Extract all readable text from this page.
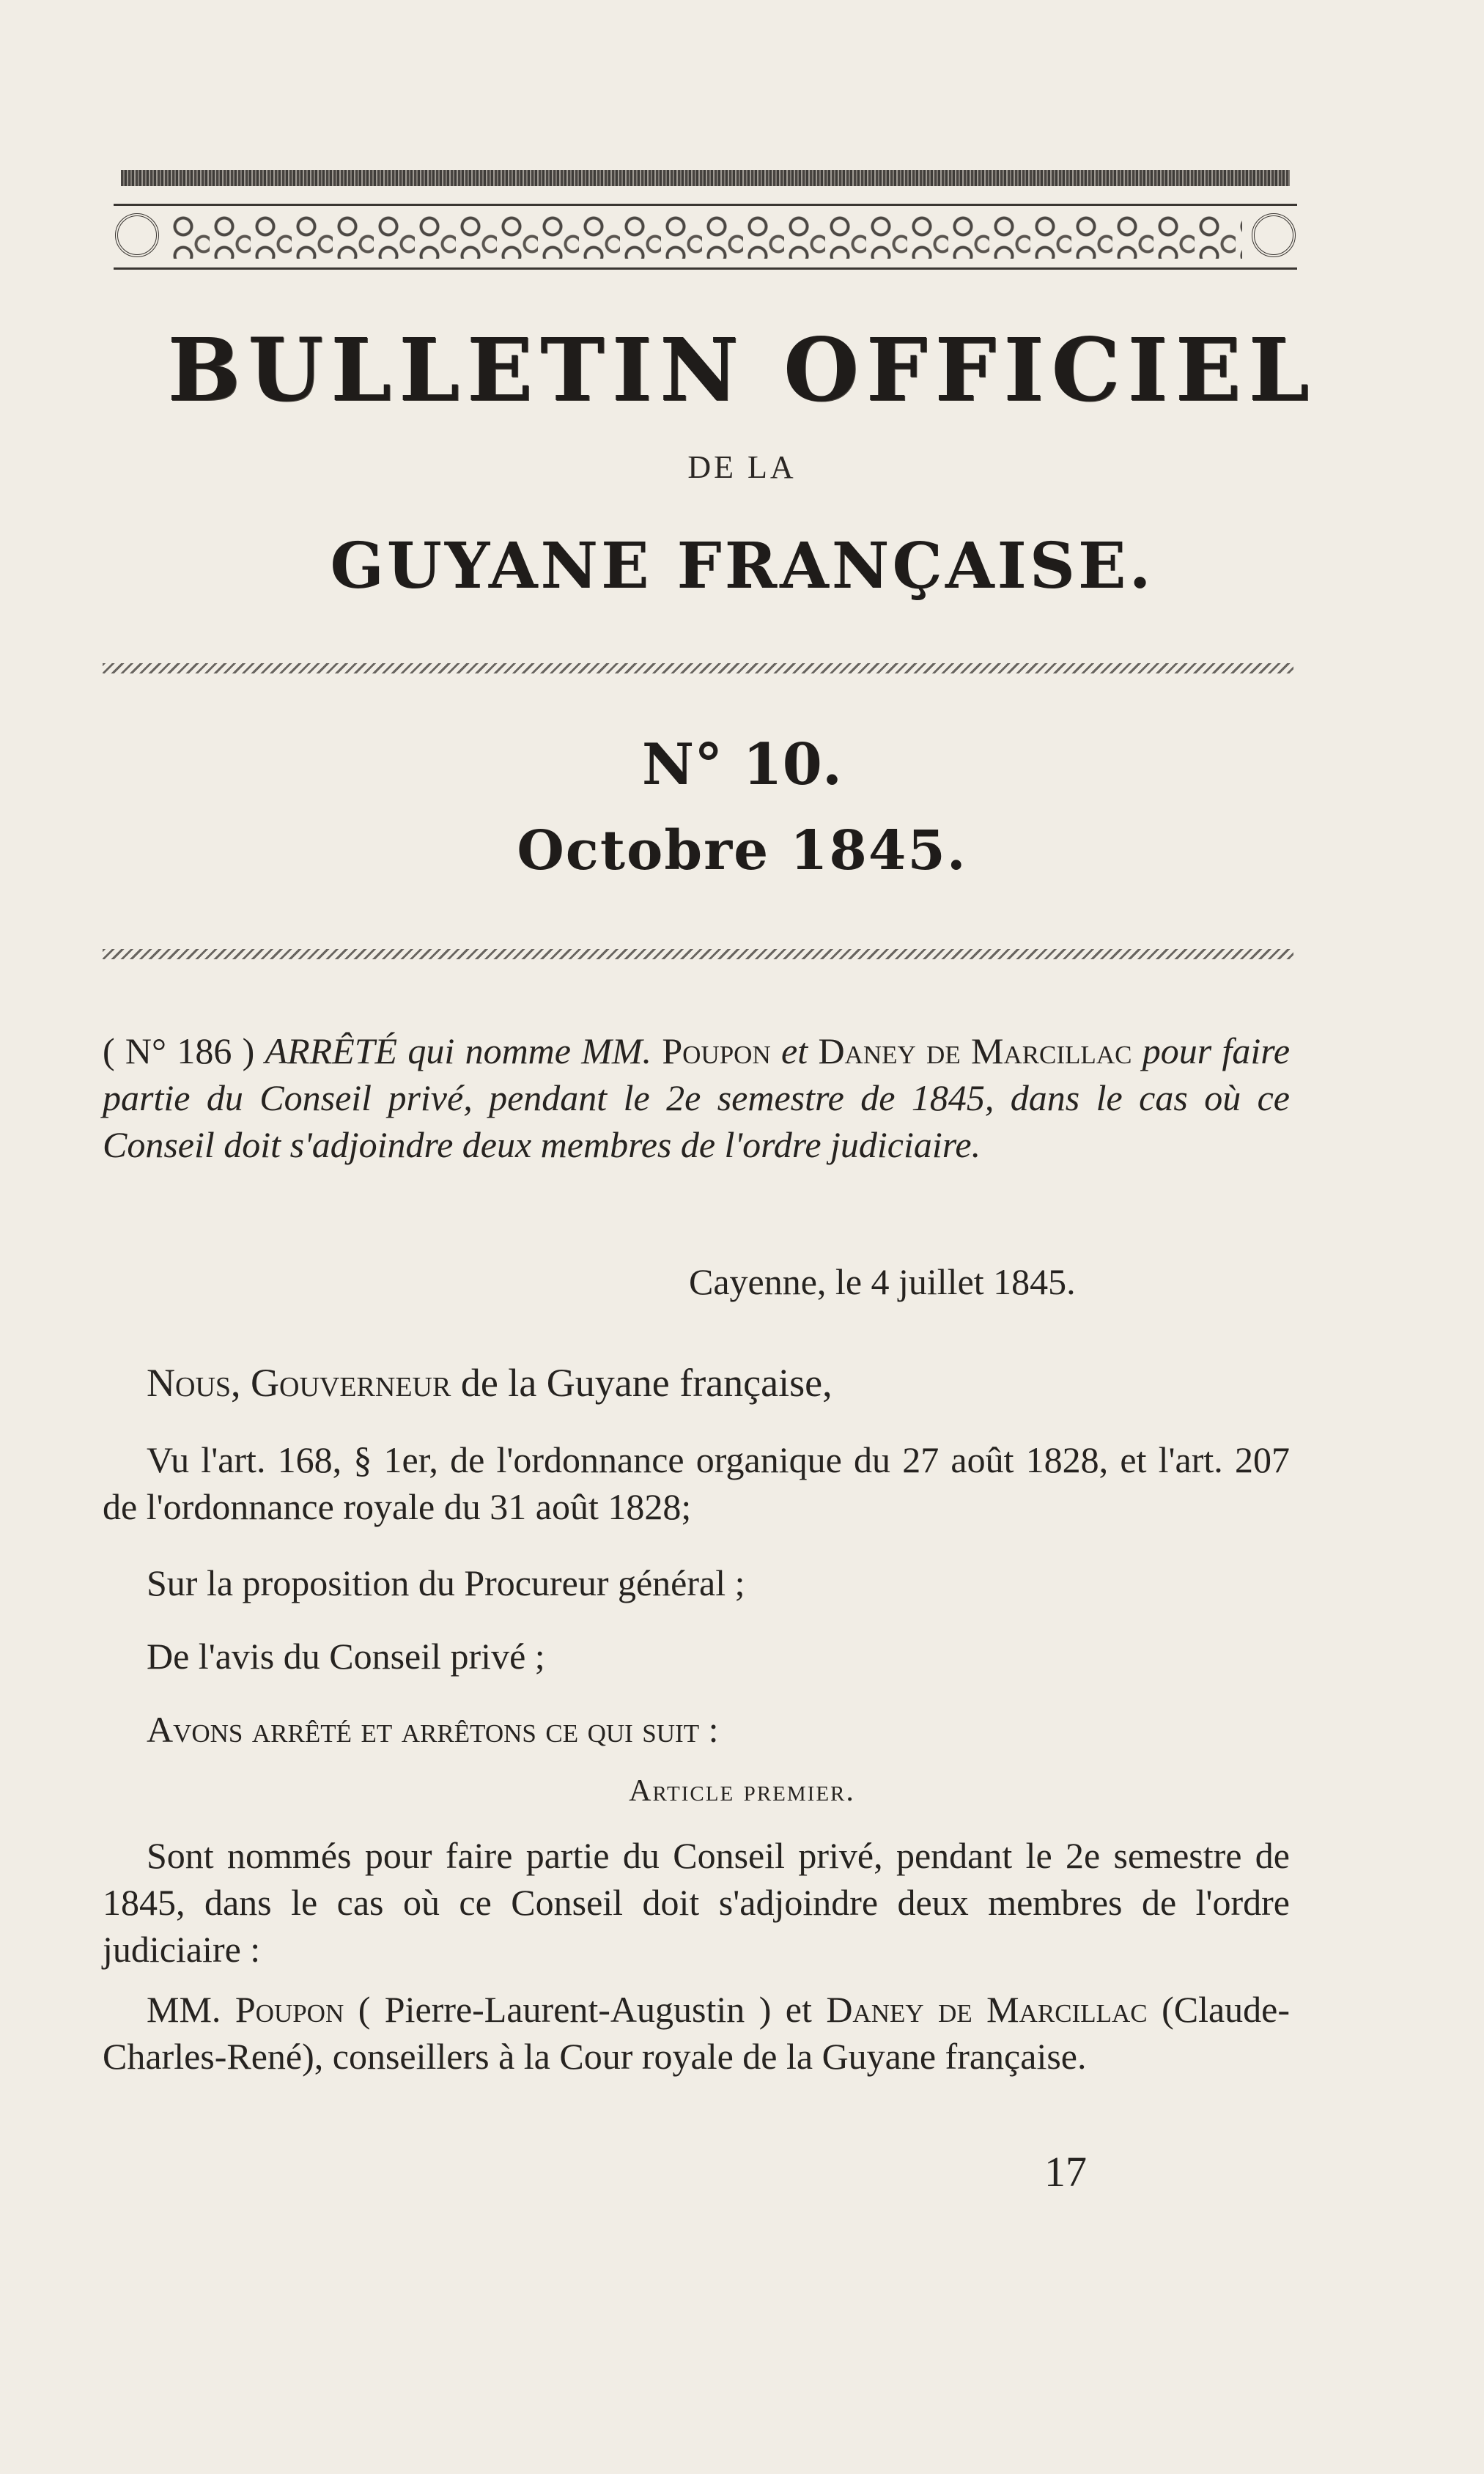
BULLETIN OFFICIEL
DE LA
GUYANE FRANÇAISE.
N° 10.
Octobre 1845.

( N° 186 ) ARRÊTÉ qui nomme MM. Poupon et Daney de Marcillac pour faire partie du Conseil privé, pendant le 2e semestre de 1845, dans le cas où ce Conseil doit s'adjoindre deux membres de l'ordre judiciaire.

Cayenne, le 4 juillet 1845.

Nous, Gouverneur de la Guyane française,

Vu l'art. 168, § 1er, de l'ordonnance organique du 27 août 1828, et l'art. 207 de l'ordonnance royale du 31 août 1828;

Sur la proposition du Procureur général ;

De l'avis du Conseil privé ;

Avons arrêté et arrêtons ce qui suit :

Article premier.

Sont nommés pour faire partie du Conseil privé, pendant le 2e semestre de 1845, dans le cas où ce Conseil doit s'adjoindre deux membres de l'ordre judiciaire :

MM. Poupon ( Pierre-Laurent-Augustin ) et Daney de Marcillac (Claude-Charles-René), conseillers à la Cour royale de la Guyane française.

17
